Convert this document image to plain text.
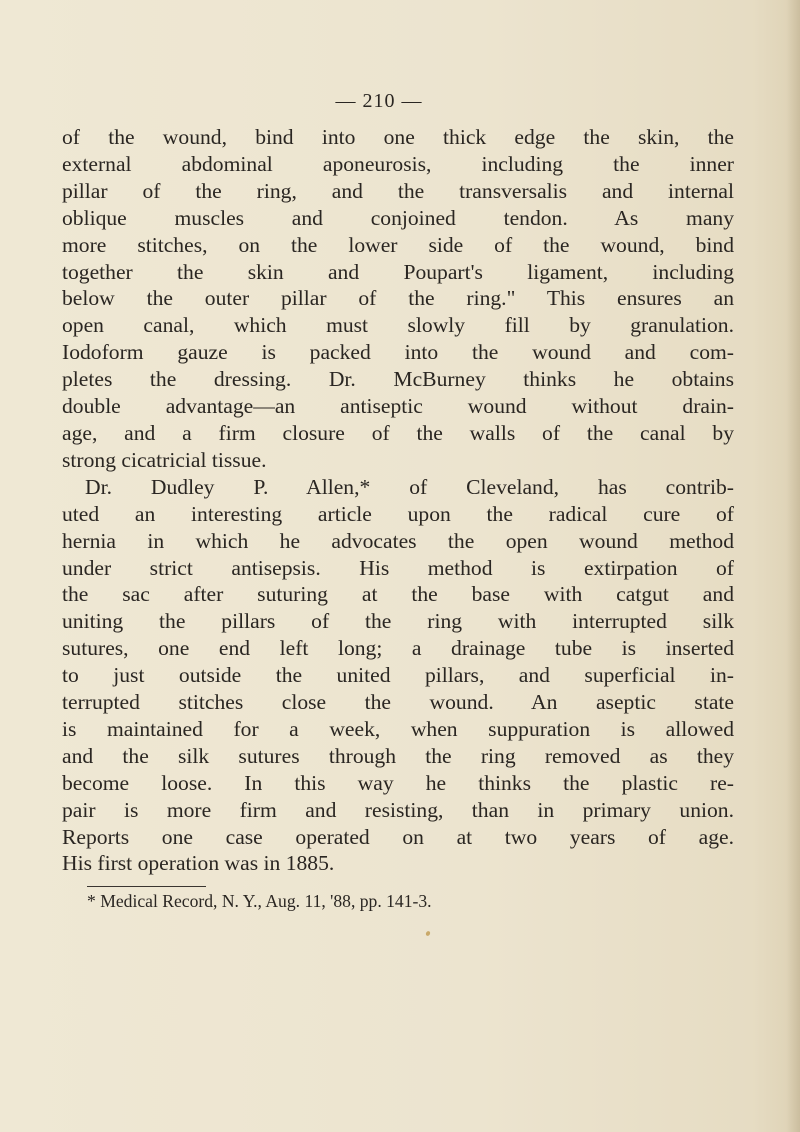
— 210 —
of the wound, bind into one thick edge the skin, the
external abdominal aponeurosis, including the inner
pillar of the ring, and the transversalis and internal
oblique muscles and conjoined tendon. As many
more stitches, on the lower side of the wound, bind
together the skin and Poupart's ligament, including
below the outer pillar of the ring." This ensures an
open canal, which must slowly fill by granulation.
Iodoform gauze is packed into the wound and com-
pletes the dressing. Dr. McBurney thinks he obtains
double advantage—an antiseptic wound without drain-
age, and a firm closure of the walls of the canal by
strong cicatricial tissue.
Dr. Dudley P. Allen,* of Cleveland, has contrib-
uted an interesting article upon the radical cure of
hernia in which he advocates the open wound method
under strict antisepsis. His method is extirpation of
the sac after suturing at the base with catgut and
uniting the pillars of the ring with interrupted silk
sutures, one end left long; a drainage tube is inserted
to just outside the united pillars, and superficial in-
terrupted stitches close the wound. An aseptic state
is maintained for a week, when suppuration is allowed
and the silk sutures through the ring removed as they
become loose. In this way he thinks the plastic re-
pair is more firm and resisting, than in primary union.
Reports one case operated on at two years of age.
His first operation was in 1885.
* Medical Record, N. Y., Aug. 11, '88, pp. 141-3.
